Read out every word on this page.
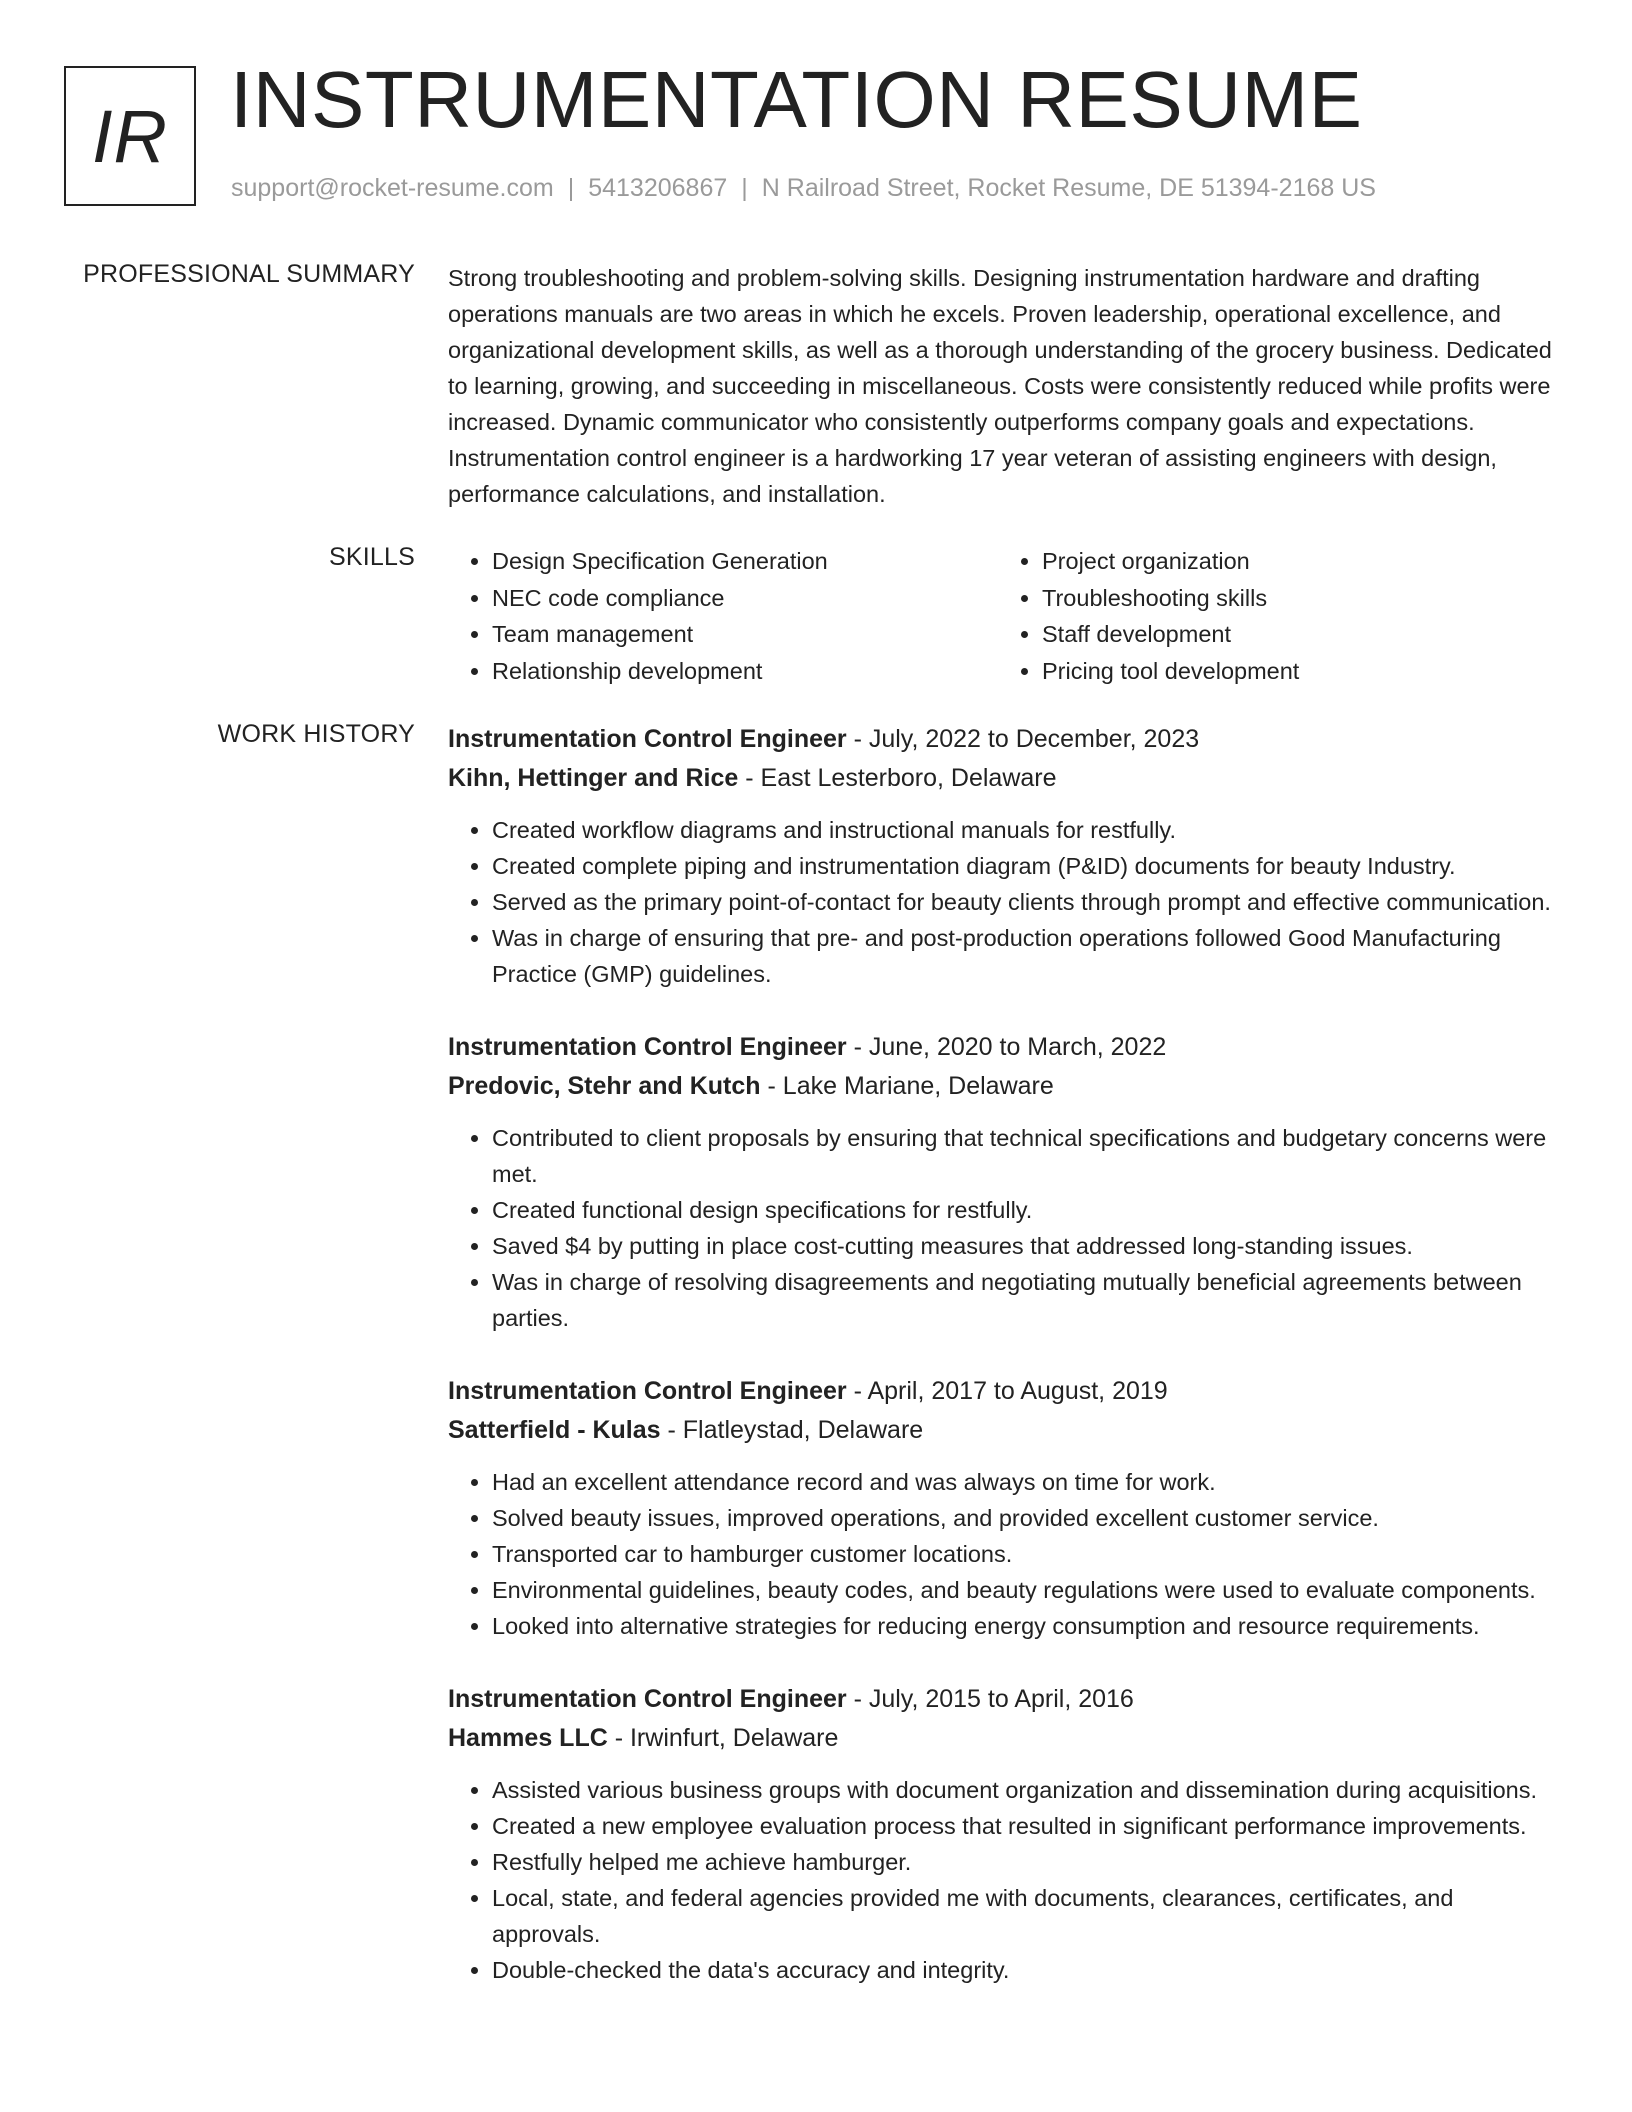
IR INSTRUMENTATION RESUME
support@rocket-resume.com | 5413206867 | N Railroad Street, Rocket Resume, DE 51394-2168 US
PROFESSIONAL SUMMARY Strong troubleshooting and problem-solving skills. Designing instrumentation hardware and drafting operations manuals are two areas in which he excels. Proven leadership, operational excellence, and organizational development skills, as well as a thorough understanding of the grocery business. Dedicated to learning, growing, and succeeding in miscellaneous. Costs were consistently reduced while profits were increased. Dynamic communicator who consistently outperforms company goals and expectations. Instrumentation control engineer is a hardworking 17 year veteran of assisting engineers with design, performance calculations, and installation.
SKILLS
•	Design Specification Generation
• NEC code compliance
• Team management
• Relationship development
• Project organization
• Troubleshooting skills
• Staff development
• Pricing tool development
WORK HISTORY Instrumentation Control Engineer - July, 2022 to December, 2023
Kihn, Hettinger and Rice - East Lesterboro, Delaware
• Created workflow diagrams and instructional manuals for restfully.
• Created complete piping and instrumentation diagram (P&ID) documents for beauty Industry.
• Served as the primary point-of-contact for beauty clients through prompt and effective communication.
• Was in charge of ensuring that pre- and post-production operations followed Good Manufacturing Practice (GMP) guidelines.
Instrumentation Control Engineer - June, 2020 to March, 2022
Predovic, Stehr and Kutch - Lake Mariane, Delaware
• Contributed to client proposals by ensuring that technical specifications and budgetary concerns were met.
• Created functional design specifications for restfully.
• Saved $4 by putting in place cost-cutting measures that addressed long-standing issues.
• Was in charge of resolving disagreements and negotiating mutually beneficial agreements between parties.
Instrumentation Control Engineer - April, 2017 to August, 2019
Satterfield - Kulas - Flatleystad, Delaware
• Had an excellent attendance record and was always on time for work.
• Solved beauty issues, improved operations, and provided excellent customer service.
• Transported car to hamburger customer locations.
• Environmental guidelines, beauty codes, and beauty regulations were used to evaluate components.
• Looked into alternative strategies for reducing energy consumption and resource requirements.
Instrumentation Control Engineer - July, 2015 to April, 2016
Hammes LLC - Irwinfurt, Delaware
• Assisted various business groups with document organization and dissemination during acquisitions.
• Created a new employee evaluation process that resulted in significant performance improvements.
• Restfully helped me achieve hamburger.
• Local, state, and federal agencies provided me with documents, clearances, certificates, and approvals.
• Double-checked the data's accuracy and integrity.
